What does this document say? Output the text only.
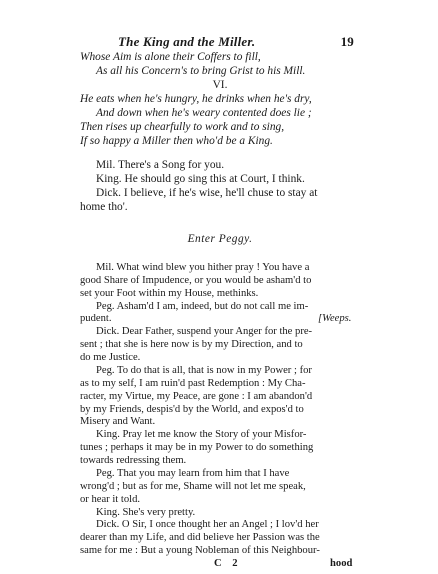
The King and the Miller.	19
Whose Aim is alone their Coffers to fill,
As all his Concern's to bring Grist to his Mill.
VI.
He eats when he's hungry, he drinks when he's dry,
And down when he's weary contented does lie ;
Then rises up chearfully to work and to sing,
If so happy a Miller then who'd be a King.
Mil. There's a Song for you.
King. He should go sing this at Court, I think.
Dick. I believe, if he's wise, he'll chuse to stay at
home tho'.
Enter Peggy.
Mil. What wind blew you hither pray ! You have a
good Share of Impudence, or you would be asham'd to
set your Foot within my House, methinks.
Peg. Asham'd I am, indeed, but do not call me im-
pudent.	[Weeps.
Dick. Dear Father, suspend your Anger for the pre-
sent ; that she is here now is by my Direction, and to
do me Justice.
Peg. To do that is all, that is now in my Power ; for
as to my self, I am ruin'd past Redemption : My Cha-
racter, my Virtue, my Peace, are gone : I am abandon'd
by my Friends, despis'd by the World, and expos'd to
Misery and Want.
King. Pray let me know the Story of your Misfor-
tunes ; perhaps it may be in my Power to do something
towards redressing them.
Peg. That you may learn from him that I have
wrong'd ; but as for me, Shame will not let me speak,
or hear it told.
King. She's very pretty.
Dick. O Sir, I once thought her an Angel ; I lov'd her
dearer than my Life, and did believe her Passion was the
same for me : But a young Nobleman of this Neighbour-
C 2	hood
